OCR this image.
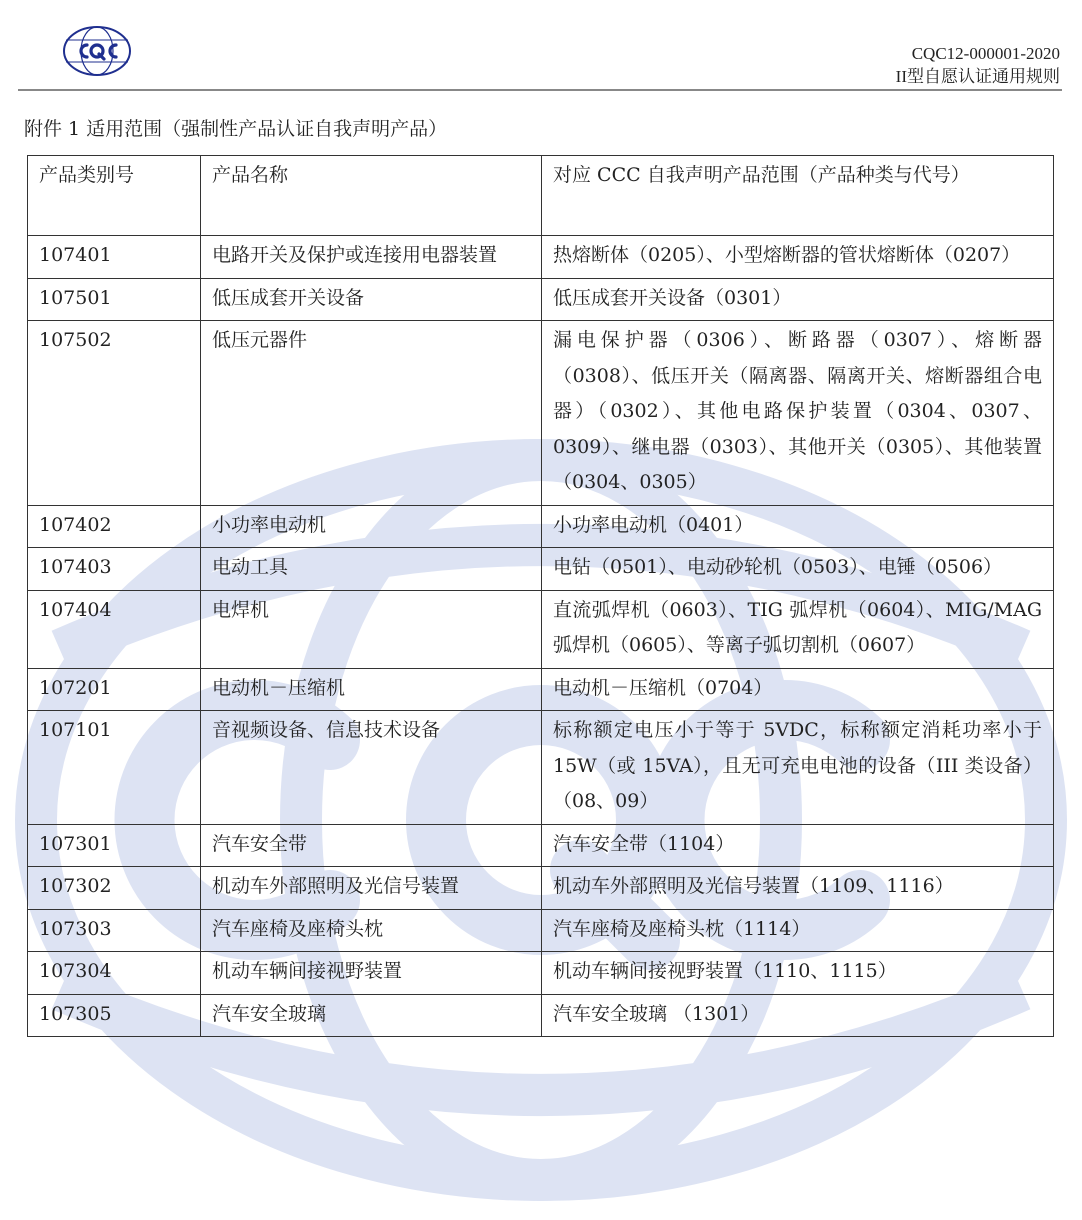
CQC12-000001-2020
II型自愿认证通用规则
附件 1 适用范围（强制性产品认证自我声明产品）
产品类别号	产品名称	对应 CCC 自我声明产品范围（产品种类与代号）
107401	电路开关及保护或连接用电器装置	热熔断体（0205）、小型熔断器的管状熔断体（0207）
107501	低压成套开关设备	低压成套开关设备（0301）
107502	低压元器件	漏电保护器（0306）、断路器（0307）、熔断器（0308）、低压开关（隔离器、隔离开关、熔断器组合电器）（0302）、其他电路保护装置（0304、0307、0309）、继电器（0303）、其他开关（0305）、其他装置（0304、0305）
107402	小功率电动机	小功率电动机（0401）
107403	电动工具	电钻（0501）、电动砂轮机（0503）、电锤（0506）
107404	电焊机	直流弧焊机（0603）、TIG 弧焊机（0604）、MIG/MAG 弧焊机（0605）、等离子弧切割机（0607）
107201	电动机－压缩机	电动机－压缩机（0704）
107101	音视频设备、信息技术设备	标称额定电压小于等于 5VDC，标称额定消耗功率小于 15W（或 15VA），且无可充电电池的设备（III 类设备）（08、09）
107301	汽车安全带	汽车安全带（1104）
107302	机动车外部照明及光信号装置	机动车外部照明及光信号装置（1109、1116）
107303	汽车座椅及座椅头枕	汽车座椅及座椅头枕（1114）
107304	机动车辆间接视野装置	机动车辆间接视野装置（1110、1115）
107305	汽车安全玻璃	汽车安全玻璃 （1301）
